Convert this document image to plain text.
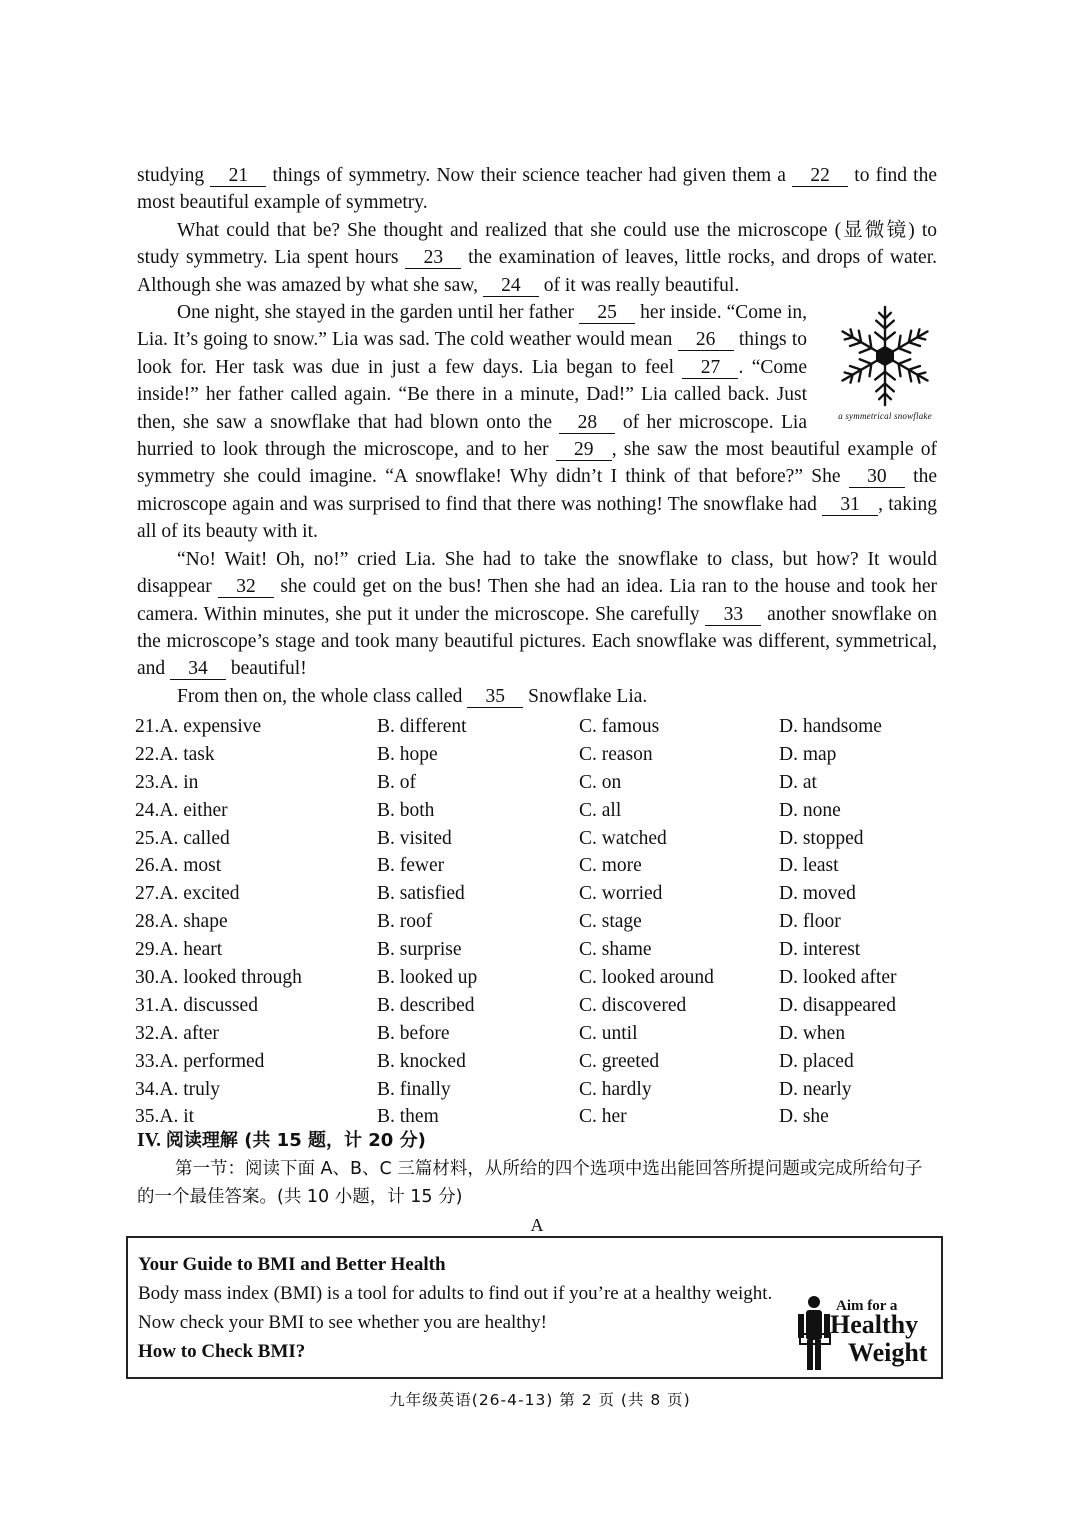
studying 21 things of symmetry. Now their science teacher had given them a 22 to find the most beautiful example of symmetry.

What could that be? She thought and realized that she could use the microscope (显微镜) to study symmetry. Lia spent hours 23 the examination of leaves, little rocks, and drops of water. Although she was amazed by what she saw, 24 of it was really beautiful.

a symmetrical snowflake

One night, she stayed in the garden until her father 25 her inside. “Come in, Lia. It’s going to snow.” Lia was sad. The cold weather would mean 26 things to look for. Her task was due in just a few days. Lia began to feel 27 . “Come inside!” her father called again. “Be there in a minute, Dad!” Lia called back. Just then, she saw a snowflake that had blown onto the 28 of her microscope. Lia hurried to look through the microscope, and to her 29 , she saw the most beautiful example of symmetry she could imagine. “A snowflake! Why didn’t I think of that before?” She 30 the microscope again and was surprised to find that there was nothing! The snowflake had 31 , taking all of its beauty with it.

“No! Wait! Oh, no!” cried Lia. She had to take the snowflake to class, but how? It would disappear 32 she could get on the bus! Then she had an idea. Lia ran to the house and took her camera. Within minutes, she put it under the microscope. She carefully 33 another snowflake on the microscope’s stage and took many beautiful pictures. Each snowflake was different, symmetrical, and 34 beautiful!

From then on, the whole class called 35 Snowflake Lia.

21.A. expensive	B. different	C. famous	D. handsome
22.A. task	B. hope	C. reason	D. map
23.A. in	B. of	C. on	D. at
24.A. either	B. both	C. all	D. none
25.A. called	B. visited	C. watched	D. stopped
26.A. most	B. fewer	C. more	D. least
27.A. excited	B. satisfied	C. worried	D. moved
28.A. shape	B. roof	C. stage	D. floor
29.A. heart	B. surprise	C. shame	D. interest
30.A. looked through	B. looked up	C. looked around	D. looked after
31.A. discussed	B. described	C. discovered	D. disappeared
32.A. after	B. before	C. until	D. when
33.A. performed	B. knocked	C. greeted	D. placed
34.A. truly	B. finally	C. hardly	D. nearly
35.A. it	B. them	C. her	D. she

IV. 阅读理解 (共 15 题，计 20 分)

第一节：阅读下面 A、B、C 三篇材料，从所给的四个选项中选出能回答所提问题或完成所给句子的一个最佳答案。(共 10 小题，计 15 分)

A

Your Guide to BMI and Better Health

Body mass index (BMI) is a tool for adults to find out if you’re at a healthy weight. Now check your BMI to see whether you are healthy!

How to Check BMI?

Aim for a
Healthy
Weight
九年级英语(26-4-13) 第 2 页 (共 8 页)
